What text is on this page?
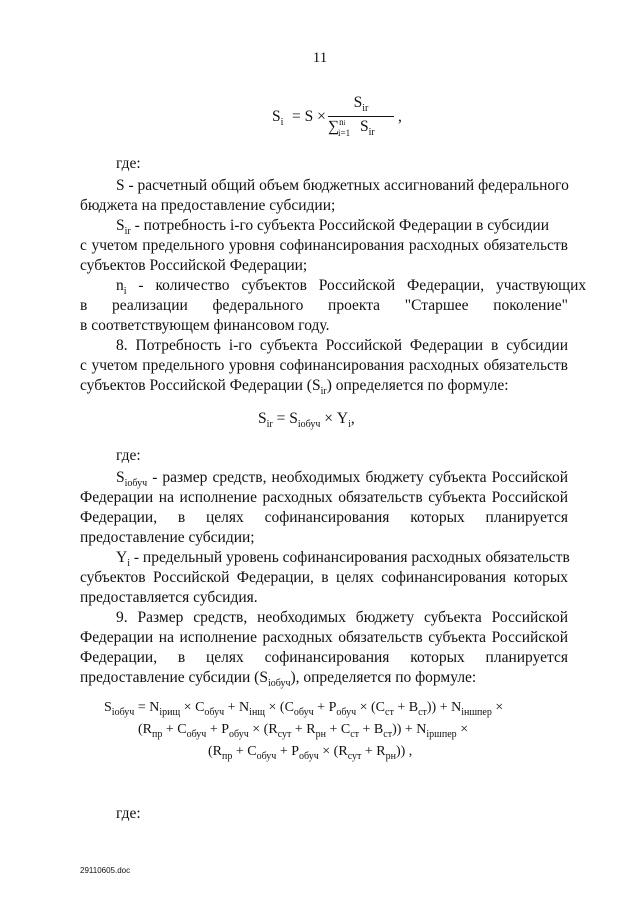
11
$S_i = S$ ×
$S_{ir}$
∑$^{ni}$
i=1 $S_{ir}$
,
где:
S - расчетный общий объем бюджетных ассигнований федерального
бюджета на предоставление субсидии;
$S_{ir}$ - потребность i-го субъекта Российской Федерации в субсидии
с учетом предельного уровня софинансирования расходных обязательств
субъектов Российской Федерации;
$n_i$ - количество субъектов Российской Федерации, участвующих
в реализации федерального проекта "Старшее поколение"
в соответствующем финансовом году.
8. Потребность i-го субъекта Российской Федерации в субсидии
с учетом предельного уровня софинансирования расходных обязательств
субъектов Российской Федерации $(S_{ir})$ определяется по формуле:
$S_{ir} = S_{iобуч} \times Y_i$,
где:
$S_{iобуч}$ - размер средств, необходимых бюджету субъекта Российской
Федерации на исполнение расходных обязательств субъекта Российской
Федерации, в целях софинансирования которых планируется
предоставление субсидии;
$Y_i$ - предельный уровень софинансирования расходных обязательств
субъектов Российской Федерации, в целях софинансирования которых
предоставляется субсидия.
9. Размер средств, необходимых бюджету субъекта Российской
Федерации на исполнение расходных обязательств субъекта Российской
Федерации, в целях софинансирования которых планируется
предоставление субсидии $(S_{iобуч})$, определяется по формуле:
$S_{iобуч} = N_{iрищ} \times C_{обуч} + N_{iнщ} \times (C_{обуч} + P_{обуч} \times (C_{ст} + B_{ст})) + N_{iншпер}$ ×
$(R_{пр} + C_{обуч} + P_{обуч} \times (R_{сут} + R_{рн} + C_{ст} + B_{ст})) + N_{iршпер}$ ×
$(R_{пр} + C_{обуч} + P_{обуч} \times (R_{сут} + R_{рн}))$ ,
где:
29110605.doc
